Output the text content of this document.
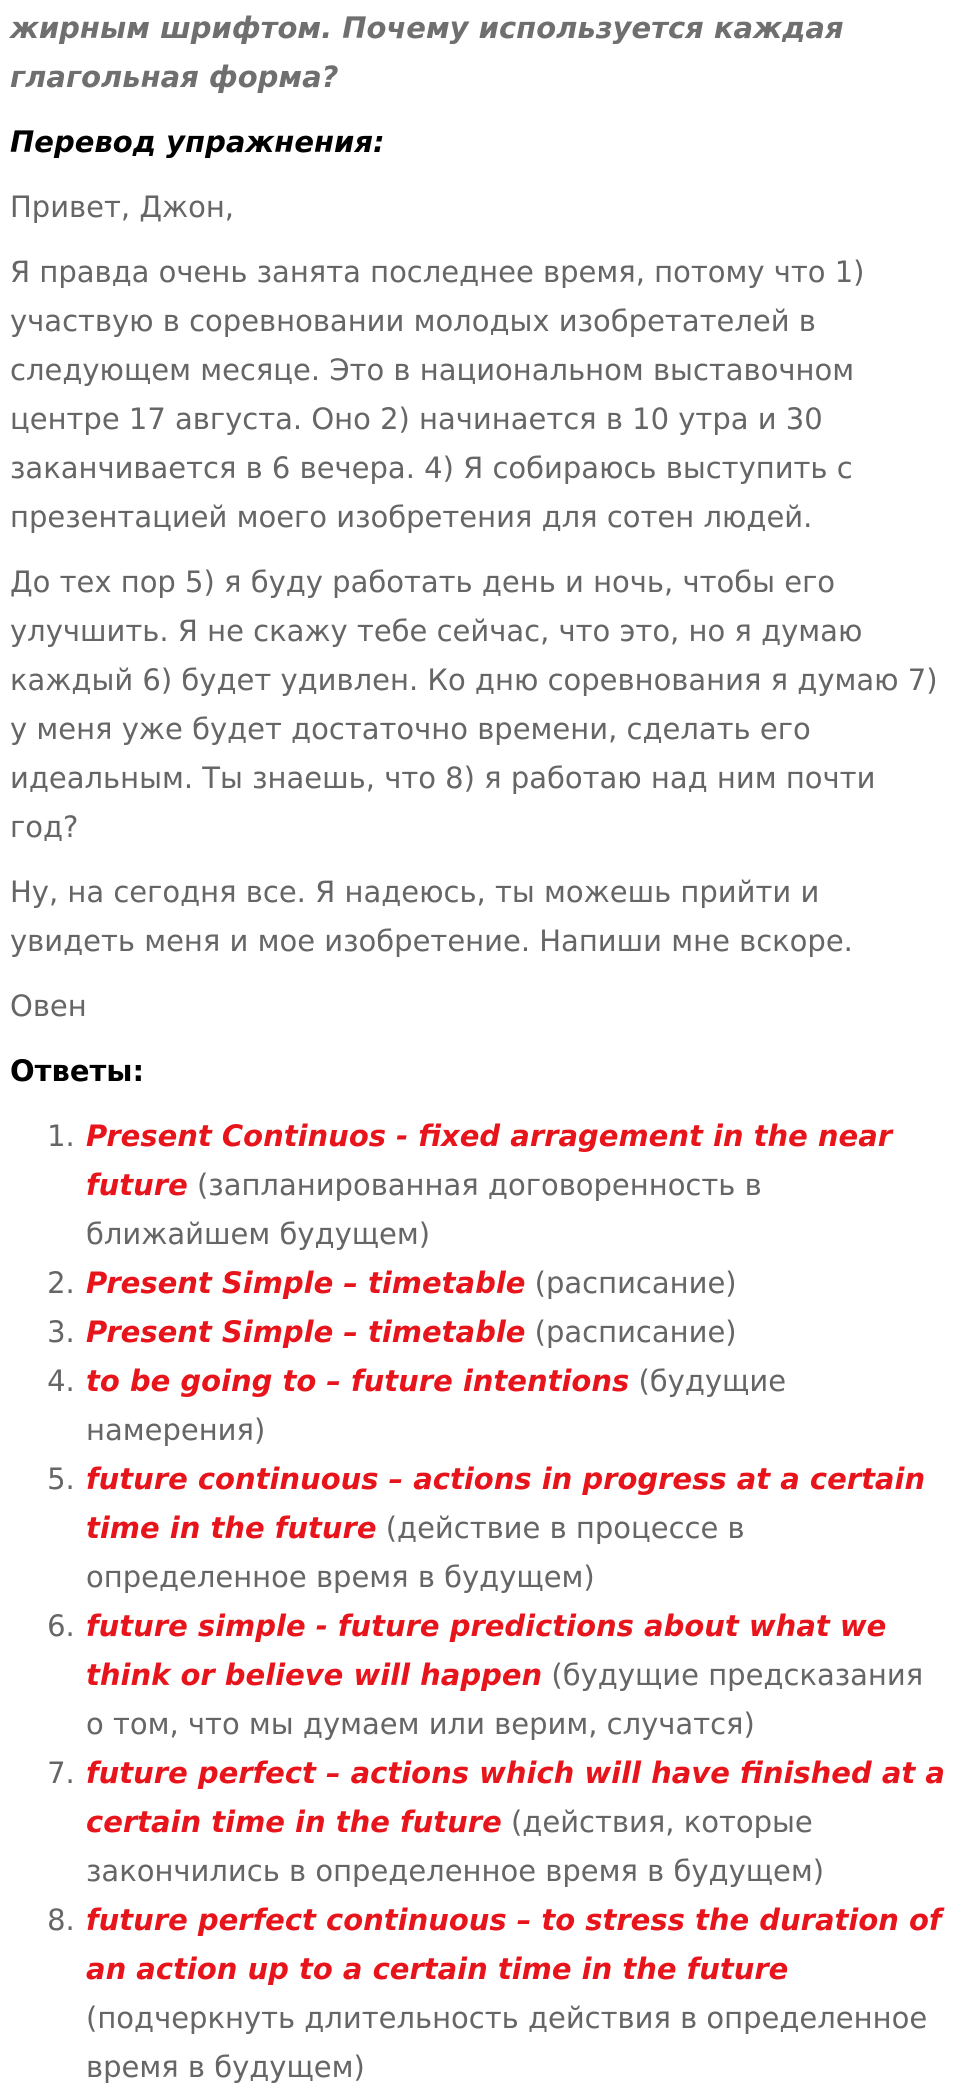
жирным шрифтом. Почему используется каждая глагольная форма?

Перевод упражнения:

Привет, Джон,

Я правда очень занята последнее время, потому что 1) участвую в соревновании молодых изобретателей в следующем месяце. Это в национальном выставочном центре 17 августа. Оно 2) начинается в 10 утра и 30 заканчивается в 6 вечера. 4) Я собираюсь выступить с презентацией моего изобретения для сотен людей.

До тех пор 5) я буду работать день и ночь, чтобы его улучшить. Я не скажу тебе сейчас, что это, но я думаю каждый 6) будет удивлен. Ко дню соревнования я думаю 7) у меня уже будет достаточно времени, сделать его идеальным. Ты знаешь, что 8) я работаю над ним почти год?

Ну, на сегодня все. Я надеюсь, ты можешь прийти и увидеть меня и мое изобретение. Напиши мне вскоре.

Овен

Ответы:

1. Present Continuos - fixed arragement in the near future (запланированная договоренность в ближайшем будущем)
2. Present Simple – timetable (расписание)
3. Present Simple – timetable (расписание)
4. to be going to – future intentions (будущие намерения)
5. future continuous – actions in progress at a certain time in the future (действие в процессе в определенное время в будущем)
6. future simple - future predictions about what we think or believe will happen (будущие предсказания о том, что мы думаем или верим, случатся)
7. future perfect – actions which will have finished at a certain time in the future (действия, которые закончились в определенное время в будущем)
8. future perfect continuous – to stress the duration of an action up to a certain time in the future (подчеркнуть длительность действия в определенное время в будущем)
